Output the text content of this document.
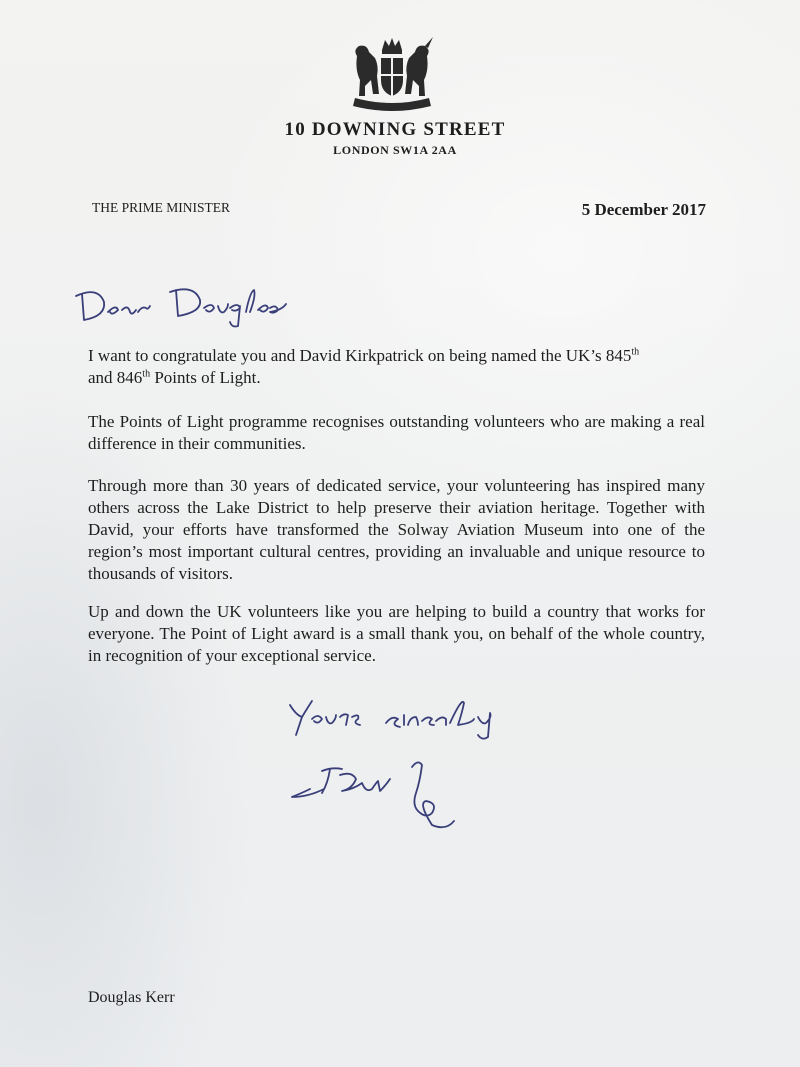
10 DOWNING STREET
LONDON SW1A 2AA
THE PRIME MINISTER	5 December 2017

I want to congratulate you and David Kirkpatrick on being named the UK’s 845th
and 846th Points of Light.

The Points of Light programme recognises outstanding volunteers who are making a real difference in their communities.

Through more than 30 years of dedicated service, your volunteering has inspired many others across the Lake District to help preserve their aviation heritage. Together with David, your efforts have transformed the Solway Aviation Museum into one of the region’s most important cultural centres, providing an invaluable and unique resource to thousands of visitors.

Up and down the UK volunteers like you are helping to build a country that works for everyone. The Point of Light award is a small thank you, on behalf of the whole country, in recognition of your exceptional service.

Douglas Kerr
